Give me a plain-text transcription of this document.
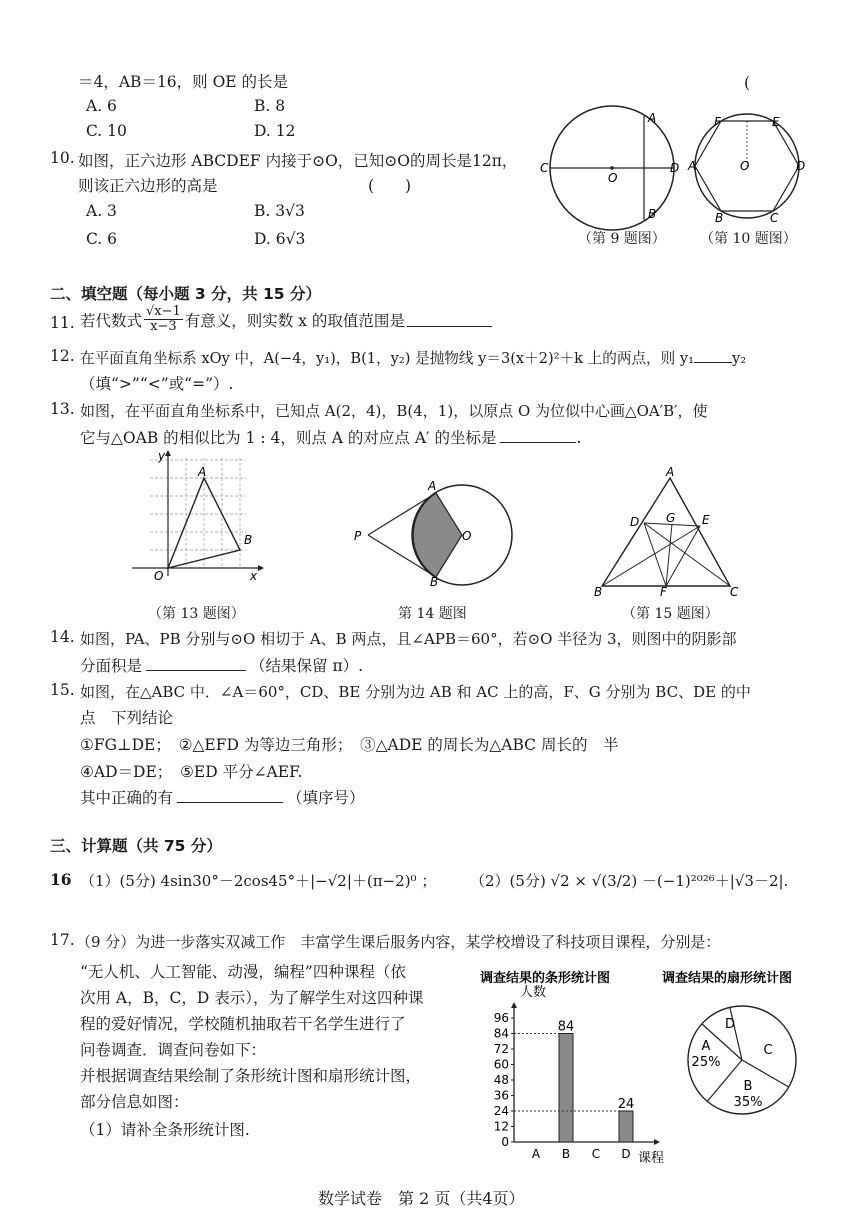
＝4，AB＝16，则 OE 的长是	(
A. 6	B. 8
C. 10	D. 12
10. 如图，正六边形 ABCDEF 内接于⊙O，已知⊙O的周长是12π，
则该正六边形的高是	(　　)
A. 3	B. 3√3
C. 6	D. 6√3
A
C
O
D
B
（第 9 题图）
F	E
A	D
B	C
O
（第 10 题图）
二、填空题（每小题 3 分，共 15 分）
11. 若代数式 $\frac{√x-1}{x-3}$ 有意义，则实数 x 的取值范围是
12. 在平面直角坐标系 xOy 中，A(−4，y₁)，B(1，y₂) 是抛物线 y＝3(x＋2)²＋k 上的两点，则 y₁	y₂
（填“>”“<”或“=”）.
13. 如图，在平面直角坐标系中，已知点 A(2，4)，B(4，1)，以原点 O 为位似中心画△OA′B′，使
它与△OAB 的相似比为 1 : 4，则点 A 的对应点 A′ 的坐标是	.
y
A
B
O	x
（第 13 题图）
A
P	O
B
第 14 题图
A
D G E
B	F	C
（第 15 题图）
14. 如图，PA、PB 分别与⊙O 相切于 A、B 两点，且∠APB＝60°，若⊙O 半径为 3，则图中的阴影部
分面积是	（结果保留 π）.
15. 如图，在△ABC 中．∠A＝60°，CD、BE 分别为边 AB 和 AC 上的高，F、G 分别为 BC、DE 的中
点　下列结论
①FG⊥DE；　②△EFD 为等边三角形；　③△ADE 的周长为△ABC 周长的　半
④AD＝DE；　⑤ED 平分∠AEF.
其中正确的有	（填序号）
三、计算题（共 75 分）
16 （1）(5分) 4sin30°－2cos45°＋|−√2|＋(π−2)⁰ ； （2）(5分) √2 × √(3/2) －(−1)²⁰²⁶＋|√3－2|.
17. （9 分）为进一步落实双减工作　丰富学生课后服务内容，某学校增设了科技项目课程，分别是：
“无人机、人工智能、动漫，编程”四种课程（依
次用 A，B，C，D 表示），为了解学生对这四种课
程的爱好情况，学校随机抽取若干名学生进行了
问卷调查．调查问卷如下：
并根据调查结果绘制了条形统计图和扇形统计图，
部分信息如图：
（1）请补全条形统计图.
调查结果的条形统计图
人数
课程
0
12
24
36
48
60
72
84
96
A B C D
84
24
调查结果的扇形统计图
A
D
C
B
25%
35%
数学试卷　第 2 页（共4页）
